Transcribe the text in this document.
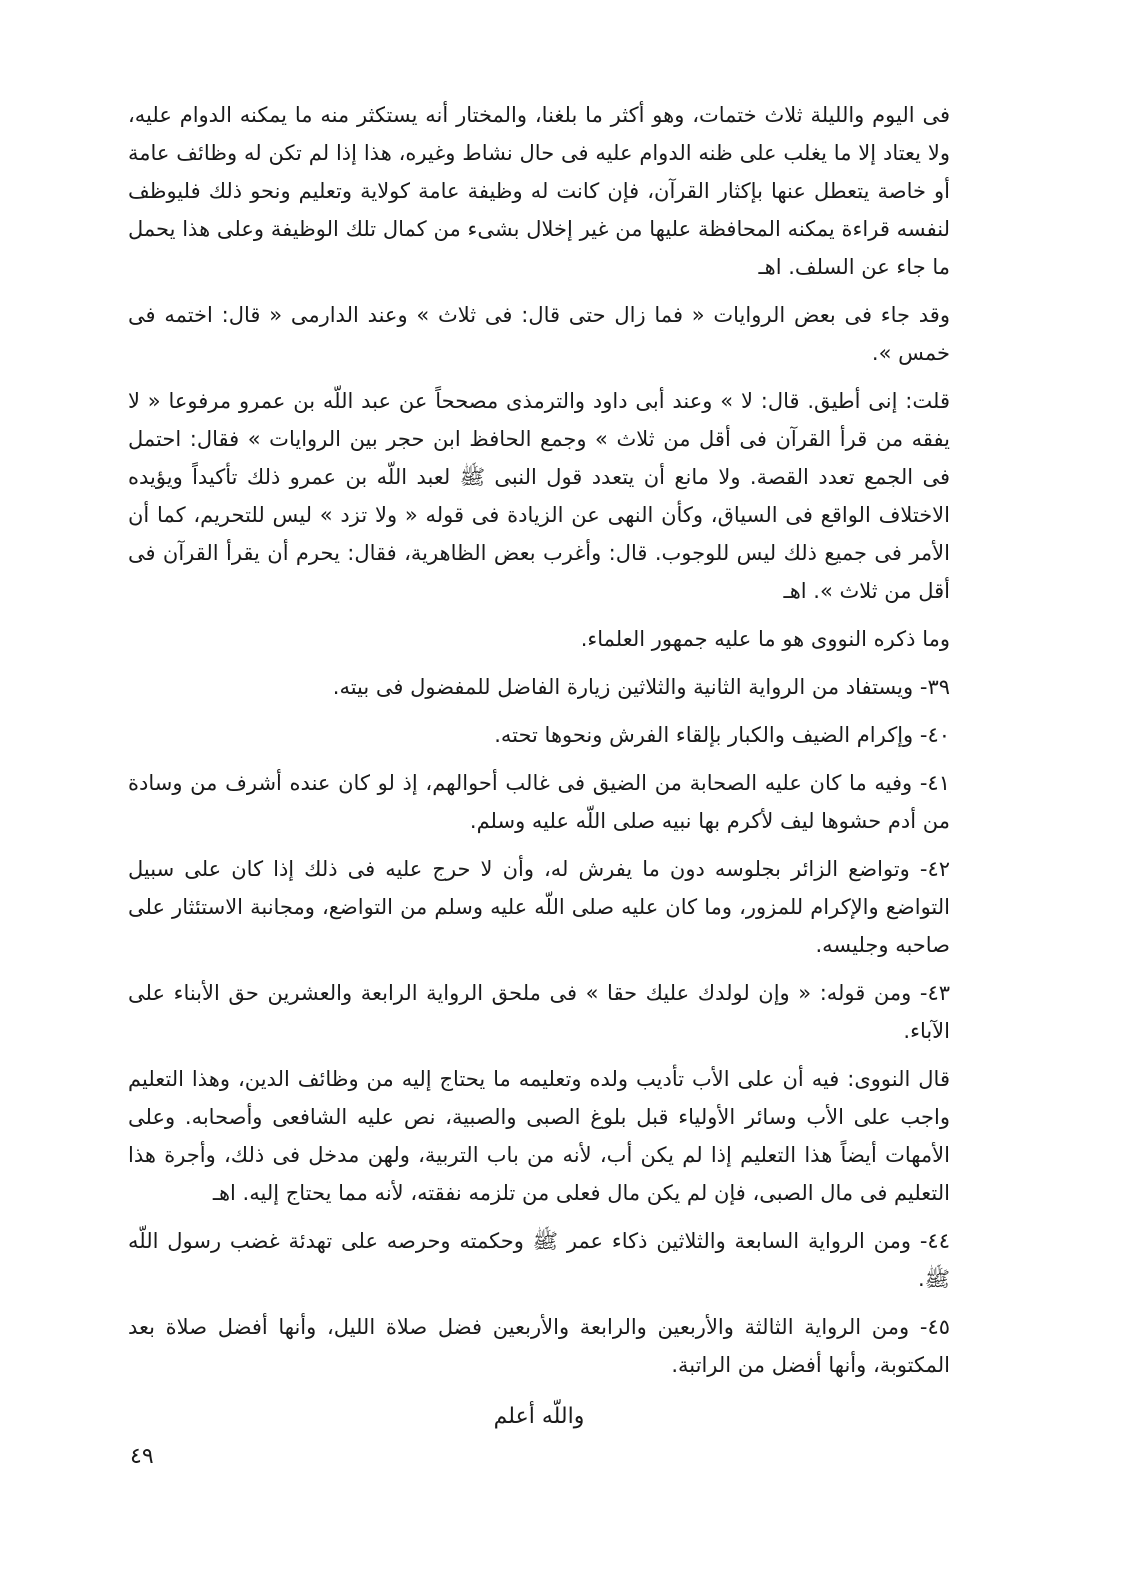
فى اليوم والليلة ثلاث ختمات، وهو أكثر ما بلغنا، والمختار أنه يستكثر منه ما يمكنه الدوام عليه، ولا يعتاد إلا ما يغلب على ظنه الدوام عليه فى حال نشاط وغيره، هذا إذا لم تكن له وظائف عامة أو خاصة يتعطل عنها بإكثار القرآن، فإن كانت له وظيفة عامة كولاية وتعليم ونحو ذلك فليوظف لنفسه قراءة يمكنه المحافظة عليها من غير إخلال بشىء من كمال تلك الوظيفة وعلى هذا يحمل ما جاء عن السلف. اهـ

وقد جاء فى بعض الروايات « فما زال حتى قال: فى ثلاث » وعند الدارمى « قال: اختمه فى خمس ».

قلت: إنى أطيق. قال: لا » وعند أبى داود والترمذى مصححاً عن عبد اللّه بن عمرو مرفوعا « لا يفقه من قرأ القرآن فى أقل من ثلاث » وجمع الحافظ ابن حجر بين الروايات » فقال: احتمل فى الجمع تعدد القصة. ولا مانع أن يتعدد قول النبى ﷺ لعبد اللّه بن عمرو ذلك تأكيداً ويؤيده الاختلاف الواقع فى السياق، وكأن النهى عن الزيادة فى قوله « ولا تزد » ليس للتحريم، كما أن الأمر فى جميع ذلك ليس للوجوب. قال: وأغرب بعض الظاهرية، فقال: يحرم أن يقرأ القرآن فى أقل من ثلاث ». اهـ

وما ذكره النووى هو ما عليه جمهور العلماء.

٣٩- ويستفاد من الرواية الثانية والثلاثين زيارة الفاضل للمفضول فى بيته.

٤٠- وإكرام الضيف والكبار بإلقاء الفرش ونحوها تحته.

٤١- وفيه ما كان عليه الصحابة من الضيق فى غالب أحوالهم، إذ لو كان عنده أشرف من وسادة من أدم حشوها ليف لأكرم بها نبيه صلى اللّه عليه وسلم.

٤٢- وتواضع الزائر بجلوسه دون ما يفرش له، وأن لا حرج عليه فى ذلك إذا كان على سبيل التواضع والإكرام للمزور، وما كان عليه صلى اللّه عليه وسلم من التواضع، ومجانبة الاستئثار على صاحبه وجليسه.

٤٣- ومن قوله: « وإن لولدك عليك حقا » فى ملحق الرواية الرابعة والعشرين حق الأبناء على الآباء.

قال النووى: فيه أن على الأب تأديب ولده وتعليمه ما يحتاج إليه من وظائف الدين، وهذا التعليم واجب على الأب وسائر الأولياء قبل بلوغ الصبى والصبية، نص عليه الشافعى وأصحابه. وعلى الأمهات أيضاً هذا التعليم إذا لم يكن أب، لأنه من باب التربية، ولهن مدخل فى ذلك، وأجرة هذا التعليم فى مال الصبى، فإن لم يكن مال فعلى من تلزمه نفقته، لأنه مما يحتاج إليه. اهـ

٤٤- ومن الرواية السابعة والثلاثين ذكاء عمر ﷺ وحكمته وحرصه على تهدئة غضب رسول اللّه ﷺ.

٤٥- ومن الرواية الثالثة والأربعين والرابعة والأربعين فضل صلاة الليل، وأنها أفضل صلاة بعد المكتوبة، وأنها أفضل من الراتبة.

واللّه أعلم
٤٩
